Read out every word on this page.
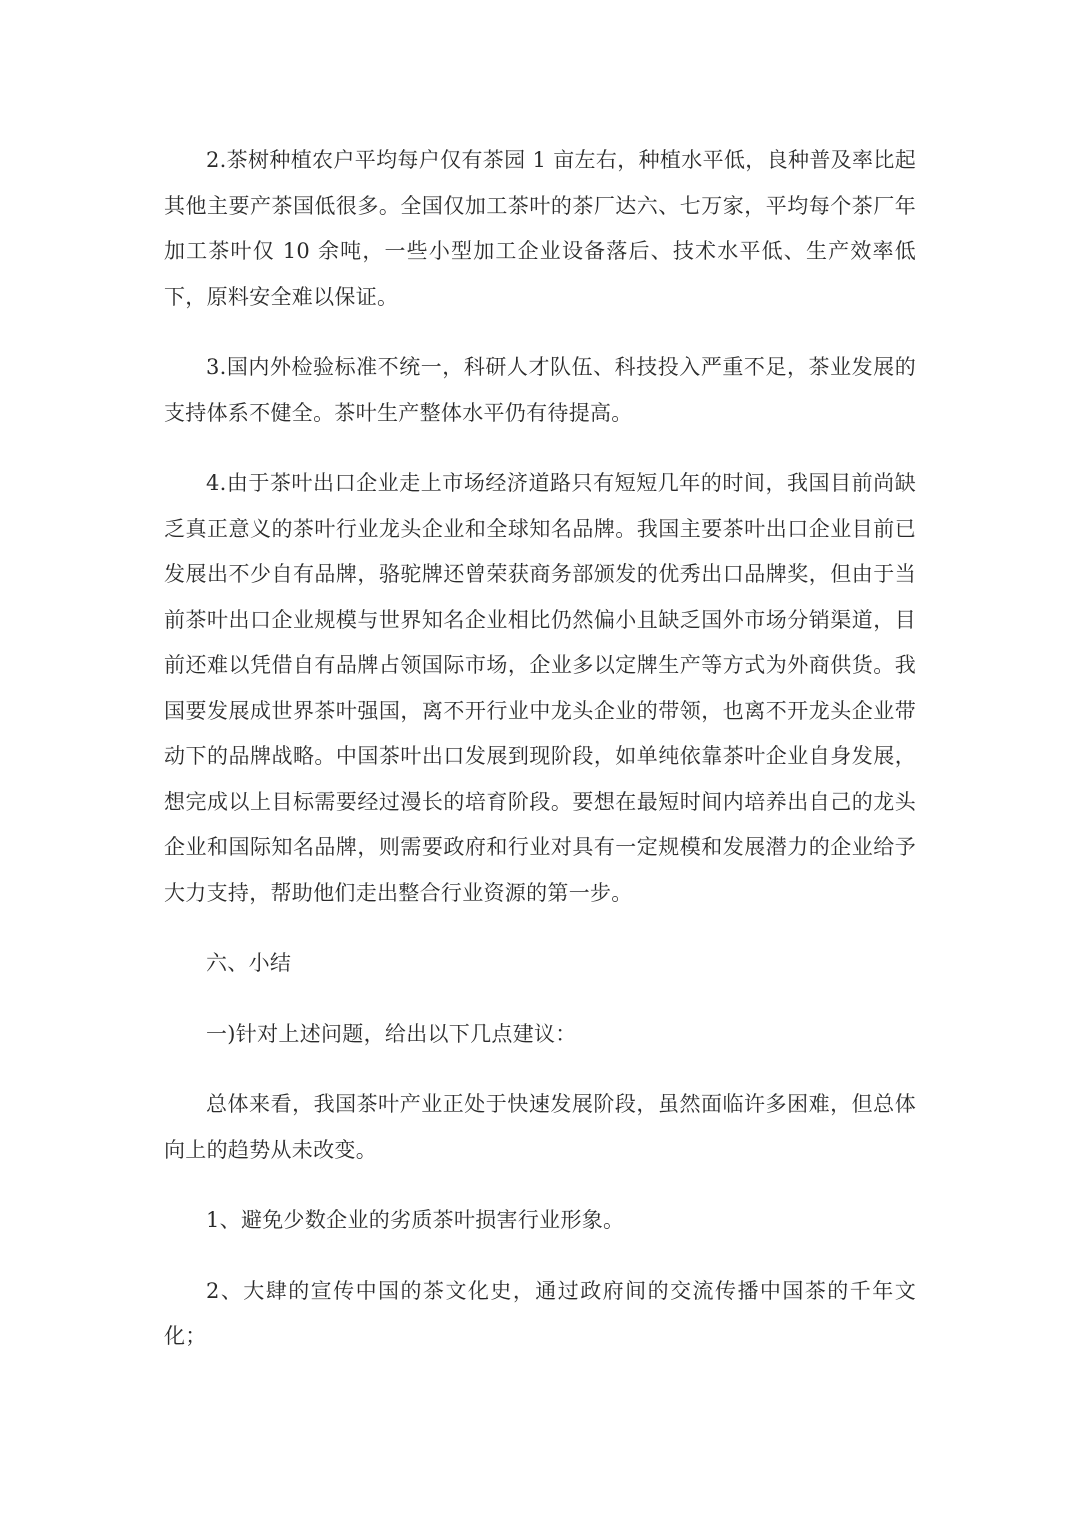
2.茶树种植农户平均每户仅有茶园 1 亩左右，种植水平低，良种普及率比起其他主要产茶国低很多。全国仅加工茶叶的茶厂达六、七万家，平均每个茶厂年加工茶叶仅 10 余吨，一些小型加工企业设备落后、技术水平低、生产效率低下，原料安全难以保证。

3.国内外检验标准不统一，科研人才队伍、科技投入严重不足，茶业发展的支持体系不健全。茶叶生产整体水平仍有待提高。

4.由于茶叶出口企业走上市场经济道路只有短短几年的时间，我国目前尚缺乏真正意义的茶叶行业龙头企业和全球知名品牌。我国主要茶叶出口企业目前已发展出不少自有品牌，骆驼牌还曾荣获商务部颁发的优秀出口品牌奖，但由于当前茶叶出口企业规模与世界知名企业相比仍然偏小且缺乏国外市场分销渠道，目前还难以凭借自有品牌占领国际市场，企业多以定牌生产等方式为外商供货。我国要发展成世界茶叶强国，离不开行业中龙头企业的带领，也离不开龙头企业带动下的品牌战略。中国茶叶出口发展到现阶段，如单纯依靠茶叶企业自身发展，想完成以上目标需要经过漫长的培育阶段。要想在最短时间内培养出自己的龙头企业和国际知名品牌，则需要政府和行业对具有一定规模和发展潜力的企业给予大力支持，帮助他们走出整合行业资源的第一步。

六、小结

一)针对上述问题，给出以下几点建议：

总体来看，我国茶叶产业正处于快速发展阶段，虽然面临许多困难，但总体向上的趋势从未改变。

1、避免少数企业的劣质茶叶损害行业形象。

2、大肆的宣传中国的茶文化史，通过政府间的交流传播中国茶的千年文化；
